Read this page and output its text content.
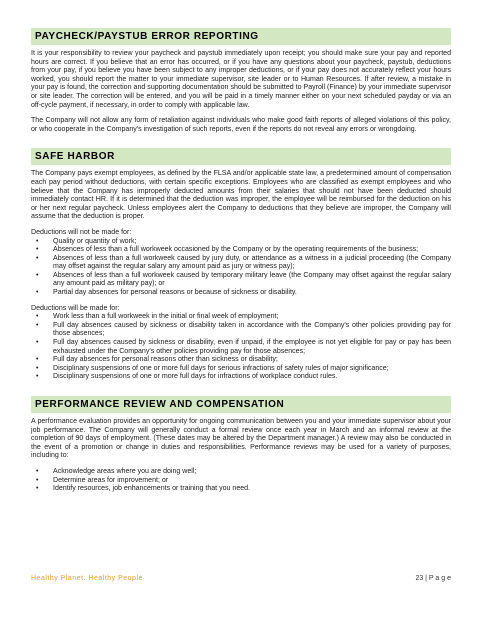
PAYCHECK/PAYSTUB ERROR REPORTING

It is your responsibility to review your paycheck and paystub immediately upon receipt; you should make sure your pay and reported hours are correct. If you believe that an error has occurred, or if you have any questions about your paycheck, paystub, deductions from your pay, if you believe you have been subject to any improper deductions, or if your pay does not accurately reflect your hours worked, you should report the matter to your immediate supervisor, site leader or to Human Resources. If after review, a mistake in your pay is found, the correction and supporting documentation should be submitted to Payroll (Finance) by your immediate supervisor or site leader. The correction will be entered, and you will be paid in a timely manner either on your next scheduled payday or via an off-cycle payment, if necessary, in order to comply with applicable law.

The Company will not allow any form of retaliation against individuals who make good faith reports of alleged violations of this policy, or who cooperate in the Company's investigation of such reports, even if the reports do not reveal any errors or wrongdoing.

SAFE HARBOR

The Company pays exempt employees, as defined by the FLSA and/or applicable state law, a predetermined amount of compensation each pay period without deductions, with certain specific exceptions. Employees who are classified as exempt employees and who believe that the Company has improperly deducted amounts from their salaries that should not have been deducted should immediately contact HR. If it is determined that the deduction was improper, the employee will be reimbursed for the deduction on his or her next regular paycheck. Unless employees alert the Company to deductions that they believe are improper, the Company will assume that the deduction is proper.

Deductions will not be made for:

• Quality or quantity of work;
• Absences of less than a full workweek occasioned by the Company or by the operating requirements of the business;
• Absences of less than a full workweek caused by jury duty, or attendance as a witness in a judicial proceeding (the Company may offset against the regular salary any amount paid as jury or witness pay);
• Absences of less than a full workweek caused by temporary military leave (the Company may offset against the regular salary any amount paid as military pay); or
• Partial day absences for personal reasons or because of sickness or disability.

Deductions will be made for:

• Work less than a full workweek in the initial or final week of employment;
• Full day absences caused by sickness or disability taken in accordance with the Company's other policies providing pay for those absences;
• Full day absences caused by sickness or disability, even if unpaid, if the employee is not yet eligible for pay or pay has been exhausted under the Company's other policies providing pay for those absences;
• Full day absences for personal reasons other than sickness or disability;
• Disciplinary suspensions of one or more full days for serious infractions of safety rules of major significance;
• Disciplinary suspensions of one or more full days for infractions of workplace conduct rules.
PERFORMANCE REVIEW AND COMPENSATION

A performance evaluation provides an opportunity for ongoing communication between you and your immediate supervisor about your job performance. The Company will generally conduct a formal review once each year in March and an informal review at the completion of 90 days of employment. (These dates may be altered by the Department manager.) A review may also be conducted in the event of a promotion or change in duties and responsibilities. Performance reviews may be used for a variety of purposes, including to:

• Acknowledge areas where you are doing well;
• Determine areas for improvement; or
• Identify resources, job enhancements or training that you need.
Healthy Planet. Healthy People	23 | P a g e
